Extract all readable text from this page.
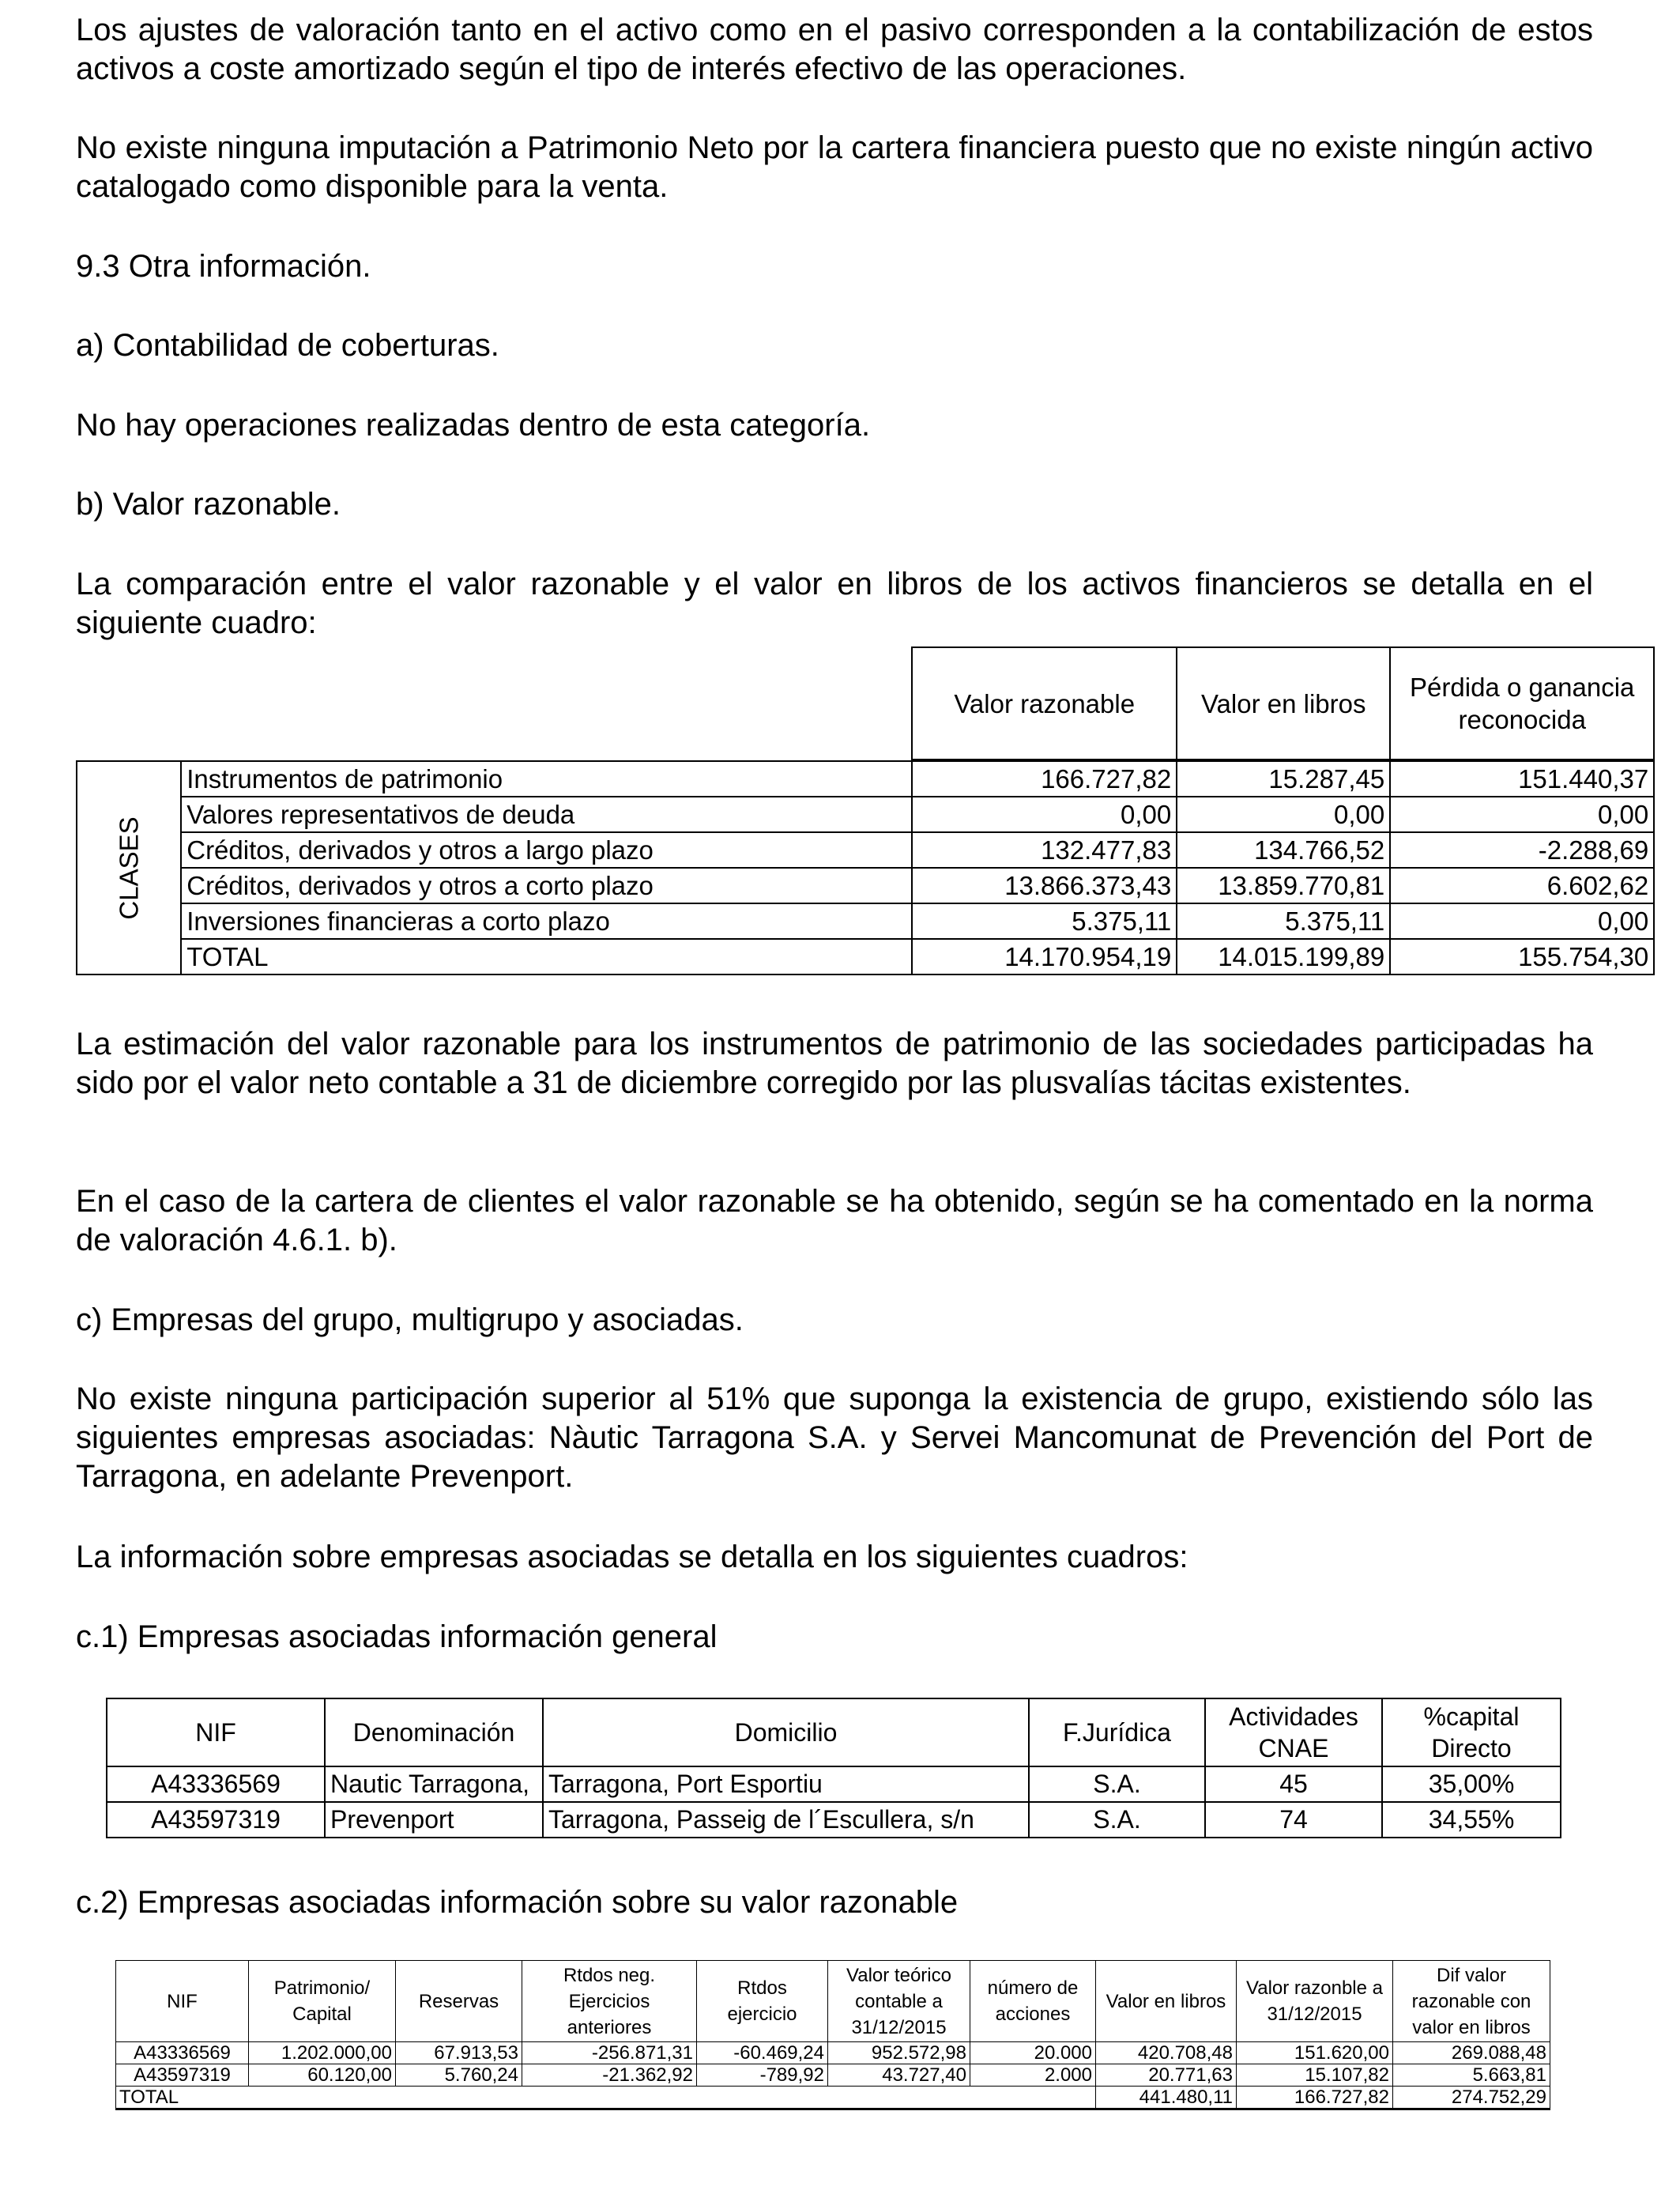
Los ajustes de valoración tanto en el activo como en el pasivo corresponden a la contabilización de estos activos a coste amortizado según el tipo de interés efectivo de las operaciones.

No existe ninguna imputación a Patrimonio Neto por la cartera financiera puesto que no existe ningún activo catalogado como disponible para la venta.

9.3 Otra información.

a) Contabilidad de coberturas.

No hay operaciones realizadas dentro de esta categoría.

b) Valor razonable.

La comparación entre el valor razonable y el valor en libros de los activos financieros se detalla en el siguiente cuadro:

		Valor razonable	Valor en libros	Pérdida o ganancia reconocida

CLASES	Instrumentos de patrimonio	166.727,82	15.287,45	151.440,37
	Valores representativos de deuda	0,00	0,00	0,00
	Créditos, derivados y otros a largo plazo	132.477,83	134.766,52	-2.288,69
	Créditos, derivados y otros a corto plazo	13.866.373,43	13.859.770,81	6.602,62
	Inversiones financieras a corto plazo	5.375,11	5.375,11	0,00
	TOTAL	14.170.954,19	14.015.199,89	155.754,30

La estimación del valor razonable para los instrumentos de patrimonio de las sociedades participadas ha sido por el valor neto contable a 31 de diciembre corregido por las plusvalías tácitas existentes.

En el caso de la cartera de clientes el valor razonable se ha obtenido, según se ha comentado en la norma de valoración 4.6.1. b).

c) Empresas del grupo, multigrupo y asociadas.

No existe ninguna participación superior al 51% que suponga la existencia de grupo, existiendo sólo las siguientes empresas asociadas: Nàutic Tarragona S.A. y Servei Mancomunat de Prevención del Port de Tarragona, en adelante Prevenport.

La información sobre empresas asociadas se detalla en los siguientes cuadros:

c.1) Empresas asociadas información general

NIF	Denominación	Domicilio	F.Jurídica	Actividades CNAE	%capital Directo
A43336569	Nautic Tarragona,	Tarragona, Port Esportiu	S.A.	45	35,00%
A43597319	Prevenport	Tarragona, Passeig de l´Escullera, s/n	S.A.	74	34,55%

c.2) Empresas asociadas información sobre su valor razonable

NIF	Patrimonio/ Capital	Reservas	Rtdos neg. Ejercicios anteriores	Rtdos ejercicio	Valor teórico contable a 31/12/2015	número de acciones	Valor en libros	Valor razonble a 31/12/2015	Dif valor razonable con valor en libros
A43336569	1.202.000,00	67.913,53	-256.871,31	-60.469,24	952.572,98	20.000	420.708,48	151.620,00	269.088,48
A43597319	60.120,00	5.760,24	-21.362,92	-789,92	43.727,40	2.000	20.771,63	15.107,82	5.663,81
TOTAL							441.480,11	166.727,82	274.752,29
